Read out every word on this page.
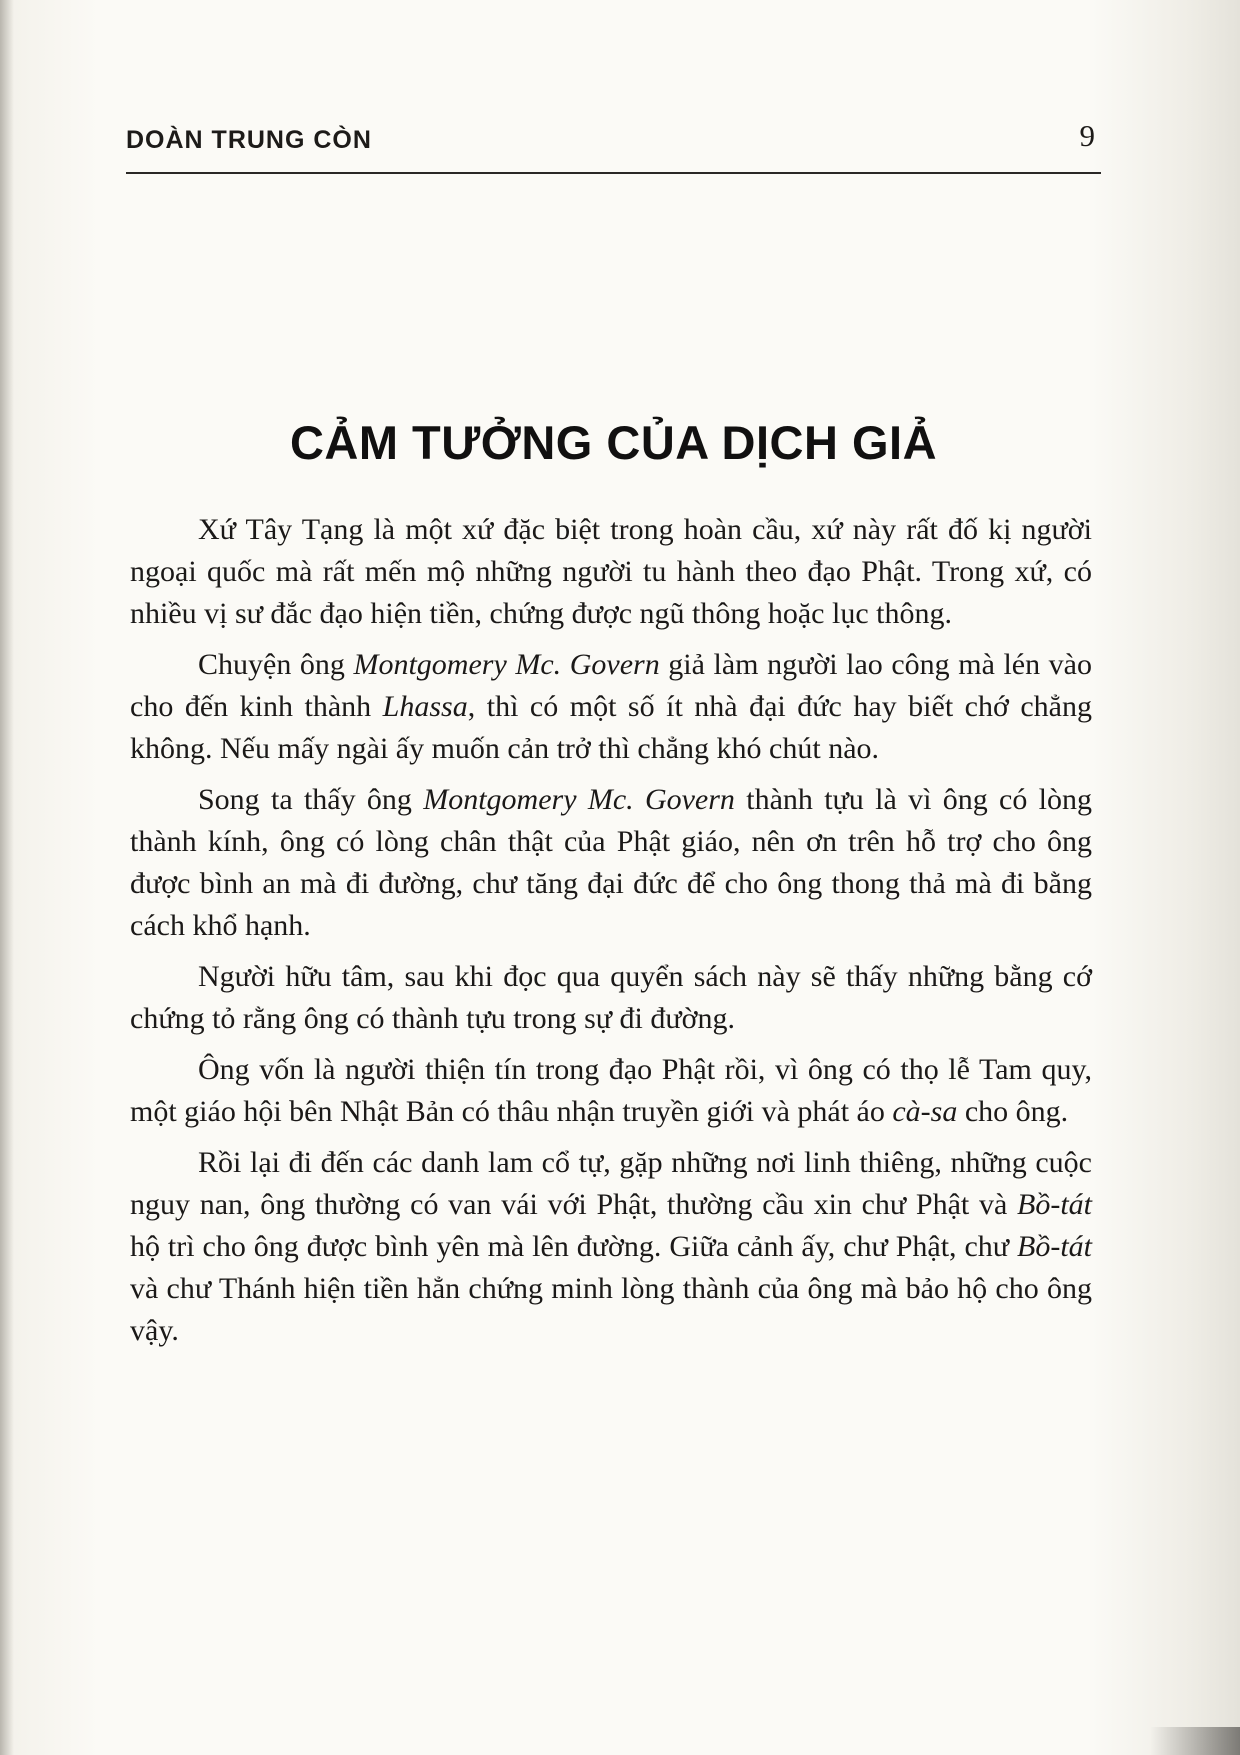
DOÀN TRUNG CÒN	9
CẢM TƯỞNG CỦA DỊCH GIẢ

Xứ Tây Tạng là một xứ đặc biệt trong hoàn cầu, xứ này rất đố kị người ngoại quốc mà rất mến mộ những người tu hành theo đạo Phật. Trong xứ, có nhiều vị sư đắc đạo hiện tiền, chứng được ngũ thông hoặc lục thông.

Chuyện ông Montgomery Mc. Govern giả làm người lao công mà lén vào cho đến kinh thành Lhassa, thì có một số ít nhà đại đức hay biết chớ chẳng không. Nếu mấy ngài ấy muốn cản trở thì chẳng khó chút nào.

Song ta thấy ông Montgomery Mc. Govern thành tựu là vì ông có lòng thành kính, ông có lòng chân thật của Phật giáo, nên ơn trên hỗ trợ cho ông được bình an mà đi đường, chư tăng đại đức để cho ông thong thả mà đi bằng cách khổ hạnh.

Người hữu tâm, sau khi đọc qua quyển sách này sẽ thấy những bằng cớ chứng tỏ rằng ông có thành tựu trong sự đi đường.

Ông vốn là người thiện tín trong đạo Phật rồi, vì ông có thọ lễ Tam quy, một giáo hội bên Nhật Bản có thâu nhận truyền giới và phát áo cà-sa cho ông.

Rồi lại đi đến các danh lam cổ tự, gặp những nơi linh thiêng, những cuộc nguy nan, ông thường có van vái với Phật, thường cầu xin chư Phật và Bồ-tát hộ trì cho ông được bình yên mà lên đường. Giữa cảnh ấy, chư Phật, chư Bồ-tát và chư Thánh hiện tiền hẳn chứng minh lòng thành của ông mà bảo hộ cho ông vậy.
